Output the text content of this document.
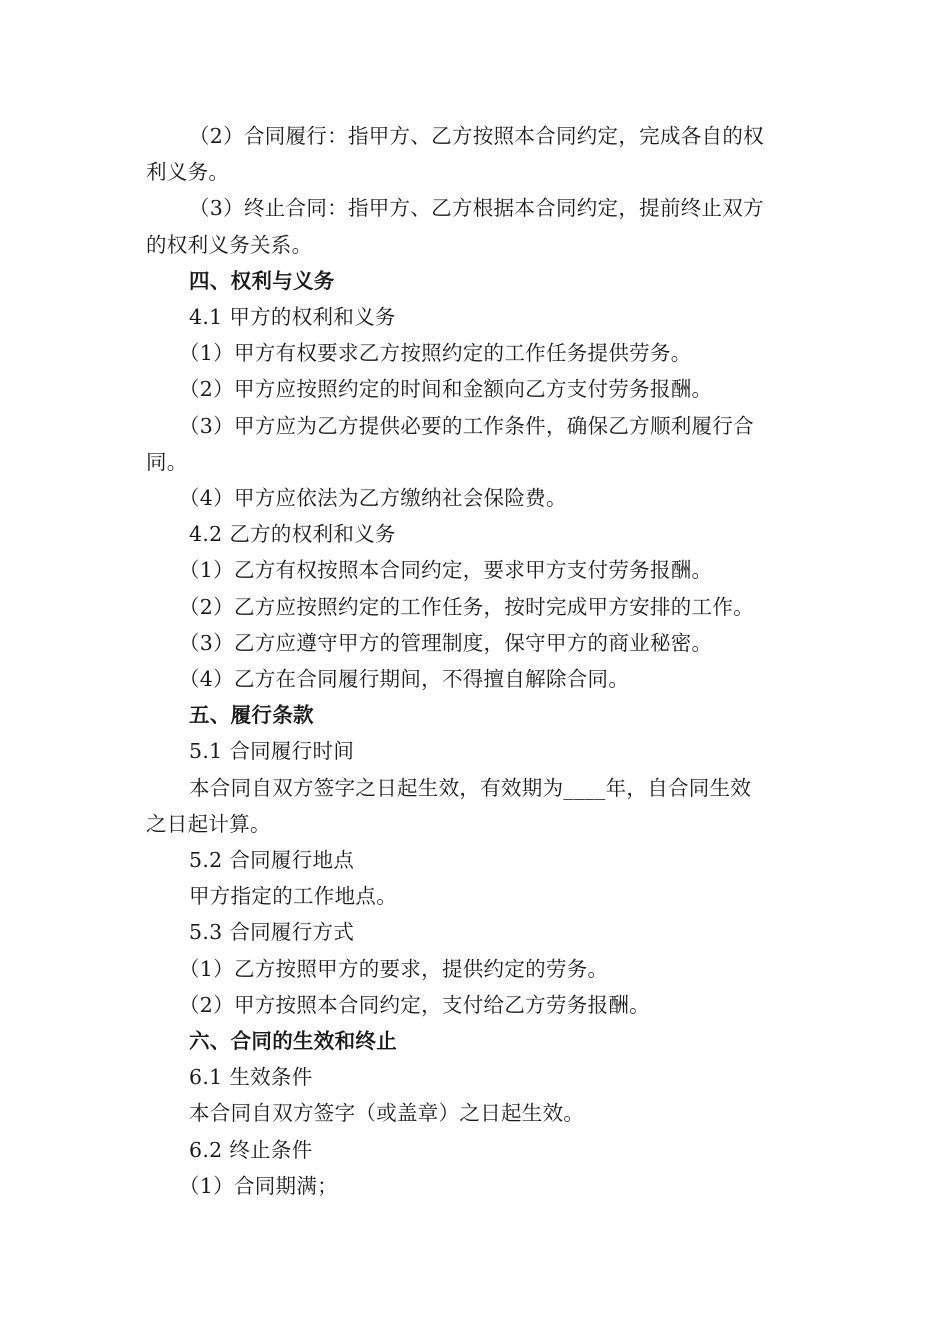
（2）合同履行：指甲方、乙方按照本合同约定，完成各自的权
利义务。
（3）终止合同：指甲方、乙方根据本合同约定，提前终止双方
的权利义务关系。
四、权利与义务
4.1 甲方的权利和义务
（1）甲方有权要求乙方按照约定的工作任务提供劳务。
（2）甲方应按照约定的时间和金额向乙方支付劳务报酬。
（3）甲方应为乙方提供必要的工作条件，确保乙方顺利履行合
同。
（4）甲方应依法为乙方缴纳社会保险费。
4.2 乙方的权利和义务
（1）乙方有权按照本合同约定，要求甲方支付劳务报酬。
（2）乙方应按照约定的工作任务，按时完成甲方安排的工作。
（3）乙方应遵守甲方的管理制度，保守甲方的商业秘密。
（4）乙方在合同履行期间，不得擅自解除合同。
五、履行条款
5.1 合同履行时间
本合同自双方签字之日起生效，有效期为____年，自合同生效
之日起计算。
5.2 合同履行地点
甲方指定的工作地点。
5.3 合同履行方式
（1）乙方按照甲方的要求，提供约定的劳务。
（2）甲方按照本合同约定，支付给乙方劳务报酬。
六、合同的生效和终止
6.1 生效条件
本合同自双方签字（或盖章）之日起生效。
6.2 终止条件
（1）合同期满；
